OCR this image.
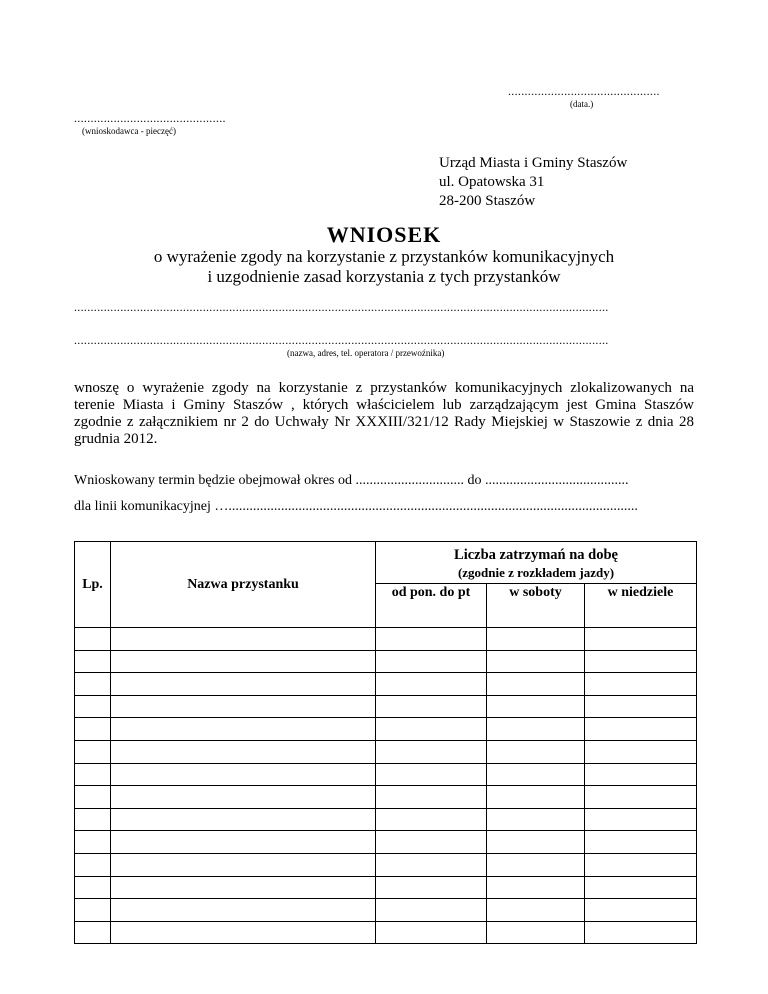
..............................................
(data.)
..............................................
(wnioskodawca - pieczęć)
Urząd Miasta i Gminy Staszów
ul. Opatowska 31
28-200 Staszów
WNIOSEK
o wyrażenie zgody na korzystanie z przystanków komunikacyjnych
i uzgodnienie zasad korzystania z tych przystanków
..................................................................................................................................................................
..................................................................................................................................................................
(nazwa, adres, tel. operatora / przewoźnika)
wnoszę o wyrażenie zgody na korzystanie z przystanków komunikacyjnych zlokalizowanych na terenie Miasta i Gminy Staszów , których właścicielem lub zarządzającym jest Gmina Staszów zgodnie z załącznikiem nr 2 do Uchwały Nr XXXIII/321/12 Rady Miejskiej w Staszowie z dnia 28 grudnia 2012.
Wnioskowany termin będzie obejmował okres od ............................... do .........................................
dla linii komunikacyjnej ….....................................................................................................................
Lp.	Nazwa przystanku	Liczba zatrzymań na dobę
(zgodnie z rozkładem jazdy)		

		od pon. do pt	w soboty	w niedziele
